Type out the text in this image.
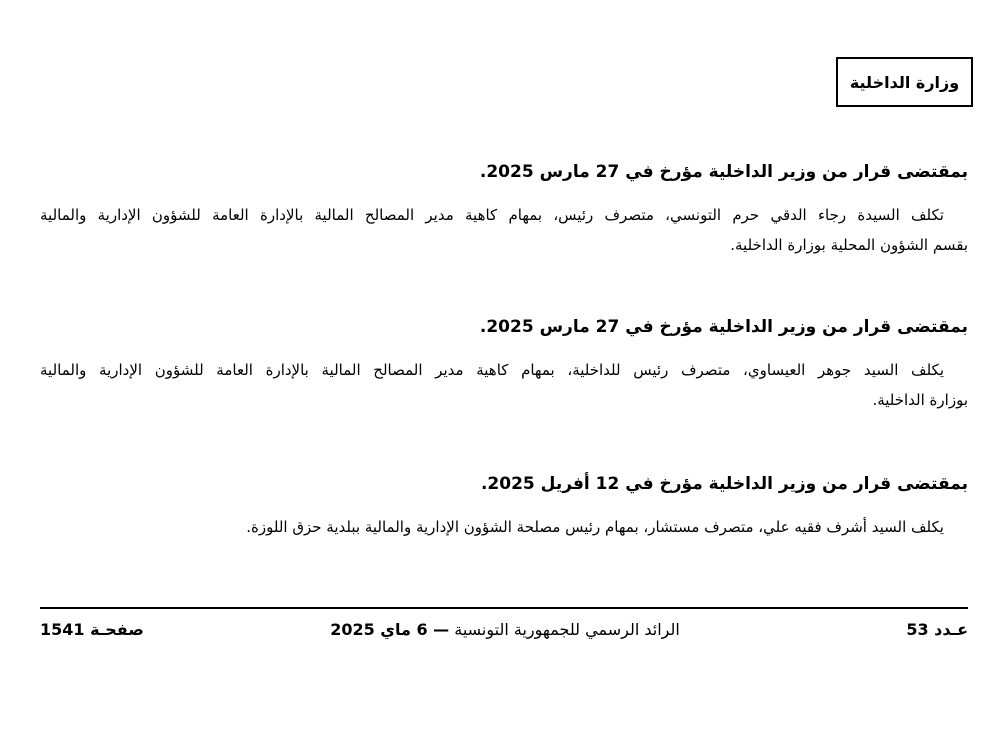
وزارة الداخلية
بمقتضى قرار من وزير الداخلية مؤرخ في 27 مارس 2025.
تكلف السيدة رجاء الدقي حرم التونسي، متصرف رئيس، بمهام كاهية مدير المصالح المالية بالإدارة العامة للشؤون الإدارية والمالية
بقسم الشؤون المحلية بوزارة الداخلية.
بمقتضى قرار من وزير الداخلية مؤرخ في 27 مارس 2025.
يكلف السيد جوهر العيساوي، متصرف رئيس للداخلية، بمهام كاهية مدير المصالح المالية بالإدارة العامة للشؤون الإدارية والمالية
بوزارة الداخلية.
بمقتضى قرار من وزير الداخلية مؤرخ في 12 أفريل 2025.
يكلف السيد أشرف فقيه علي، متصرف مستشار، بمهام رئيس مصلحة الشؤون الإدارية والمالية ببلدية حزق اللوزة.
عـدد 53
الرائد الرسمي للجمهورية التونسية — 6 ماي 2025
صفحـة 1541
